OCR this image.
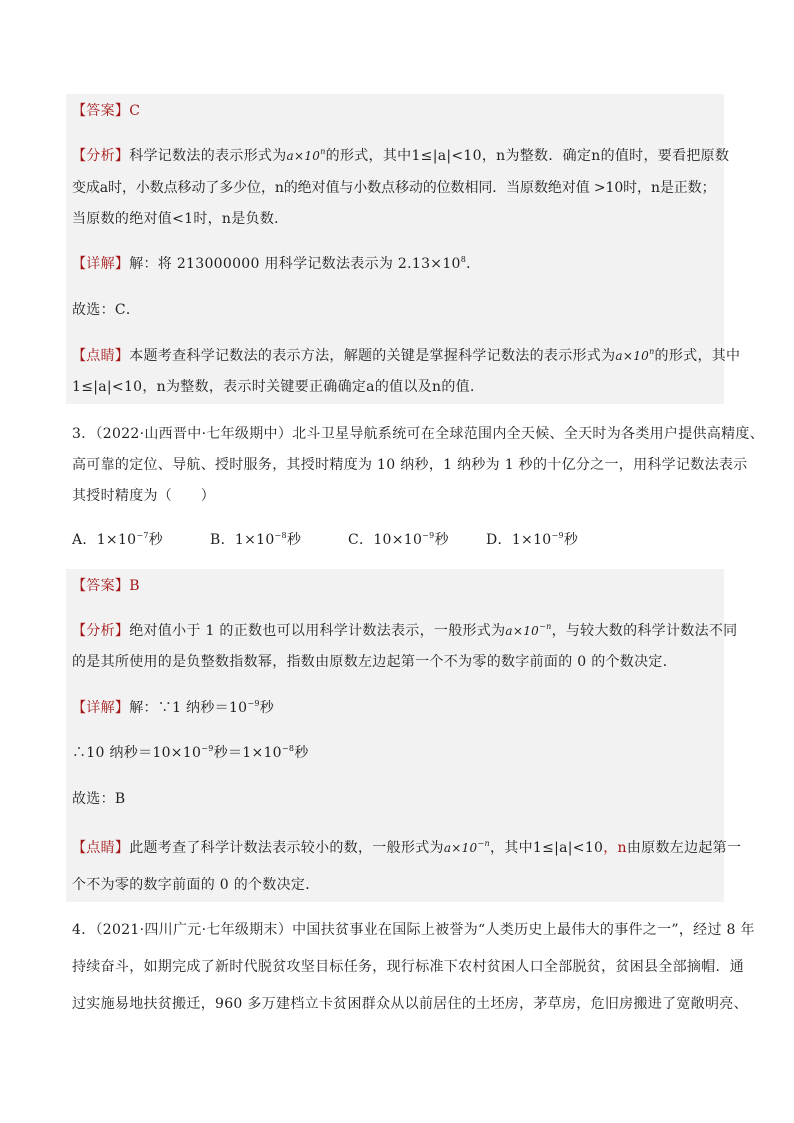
【答案】C
【分析】科学记数法的表示形式为$a\times 10^n$的形式，其中1≤|a|<10，n为整数．确定n的值时，要看把原数
变成a时，小数点移动了多少位，n的绝对值与小数点移动的位数相同．当原数绝对值 >10时，n是正数；
当原数的绝对值<1时，n是负数．
【详解】解：将 213000000 用科学记数法表示为 $2.13\times 10^8$．
故选：C．
【点睛】本题考查科学记数法的表示方法，解题的关键是掌握科学记数法的表示形式为$a\times 10^n$的形式，其中
1≤|a|<10，n为整数，表示时关键要正确确定a的值以及n的值．
3．（2022·山西晋中·七年级期中）北斗卫星导航系统可在全球范围内全天候、全天时为各类用户提供高精度、
高可靠的定位、导航、授时服务，其授时精度为 10 纳秒，1 纳秒为 1 秒的十亿分之一，用科学记数法表示
其授时精度为（　　）
A．$1\times 10^{-7}$秒	B．$1\times 10^{-8}$秒	C．$10\times 10^{-9}$秒	D．$1\times 10^{-9}$秒
【答案】B
【分析】绝对值小于 1 的正数也可以用科学计数法表示，一般形式为$a\times 10^{-n}$，与较大数的科学计数法不同
的是其所使用的是负整数指数幂，指数由原数左边起第一个不为零的数字前面的 0 的个数决定．
【详解】解：∵1 纳秒$=10^{-9}$秒
∴10 纳秒$=10\times 10^{-9}$秒$=1\times 10^{-8}$秒
故选：B
【点睛】此题考查了科学计数法表示较小的数，一般形式为$a\times 10^{-n}$，其中1≤|a|<10，n由原数左边起第一
个不为零的数字前面的 0 的个数决定．
4．（2021·四川广元·七年级期末）中国扶贫事业在国际上被誉为“人类历史上最伟大的事件之一”，经过 8 年
持续奋斗，如期完成了新时代脱贫攻坚目标任务，现行标准下农村贫困人口全部脱贫，贫困县全部摘帽．通
过实施易地扶贫搬迁，960 多万建档立卡贫困群众从以前居住的土坯房，茅草房，危旧房搬进了宽敞明亮、
